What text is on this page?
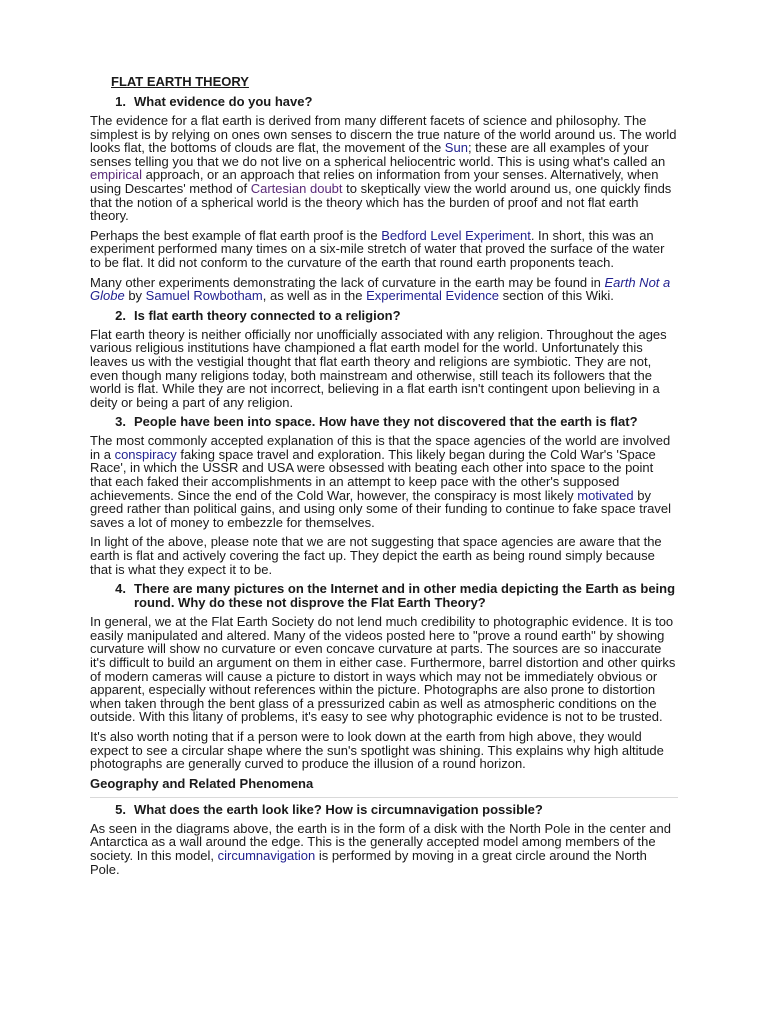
FLAT EARTH THEORY
1. What evidence do you have?

The evidence for a flat earth is derived from many different facets of science and philosophy. The simplest is by relying on ones own senses to discern the true nature of the world around us. The world looks flat, the bottoms of clouds are flat, the movement of the Sun; these are all examples of your senses telling you that we do not live on a spherical heliocentric world. This is using what's called an empirical approach, or an approach that relies on information from your senses. Alternatively, when using Descartes' method of Cartesian doubt to skeptically view the world around us, one quickly finds that the notion of a spherical world is the theory which has the burden of proof and not flat earth theory.

Perhaps the best example of flat earth proof is the Bedford Level Experiment. In short, this was an experiment performed many times on a six-mile stretch of water that proved the surface of the water to be flat. It did not conform to the curvature of the earth that round earth proponents teach.

Many other experiments demonstrating the lack of curvature in the earth may be found in Earth Not a Globe by Samuel Rowbotham, as well as in the Experimental Evidence section of this Wiki.

2. Is flat earth theory connected to a religion?

Flat earth theory is neither officially nor unofficially associated with any religion. Throughout the ages various religious institutions have championed a flat earth model for the world. Unfortunately this leaves us with the vestigial thought that flat earth theory and religions are symbiotic. They are not, even though many religions today, both mainstream and otherwise, still teach its followers that the world is flat. While they are not incorrect, believing in a flat earth isn't contingent upon believing in a deity or being a part of any religion.

3. People have been into space. How have they not discovered that the earth is flat?

The most commonly accepted explanation of this is that the space agencies of the world are involved in a conspiracy faking space travel and exploration. This likely began during the Cold War's 'Space Race', in which the USSR and USA were obsessed with beating each other into space to the point that each faked their accomplishments in an attempt to keep pace with the other's supposed achievements. Since the end of the Cold War, however, the conspiracy is most likely motivated by greed rather than political gains, and using only some of their funding to continue to fake space travel saves a lot of money to embezzle for themselves.

In light of the above, please note that we are not suggesting that space agencies are aware that the earth is flat and actively covering the fact up. They depict the earth as being round simply because that is what they expect it to be.

4. There are many pictures on the Internet and in other media depicting the Earth as being round. Why do these not disprove the Flat Earth Theory?

In general, we at the Flat Earth Society do not lend much credibility to photographic evidence. It is too easily manipulated and altered. Many of the videos posted here to "prove a round earth" by showing curvature will show no curvature or even concave curvature at parts. The sources are so inaccurate it's difficult to build an argument on them in either case. Furthermore, barrel distortion and other quirks of modern cameras will cause a picture to distort in ways which may not be immediately obvious or apparent, especially without references within the picture. Photographs are also prone to distortion when taken through the bent glass of a pressurized cabin as well as atmospheric conditions on the outside. With this litany of problems, it's easy to see why photographic evidence is not to be trusted.

It's also worth noting that if a person were to look down at the earth from high above, they would expect to see a circular shape where the sun's spotlight was shining. This explains why high altitude photographs are generally curved to produce the illusion of a round horizon.

Geography and Related Phenomena
5. What does the earth look like? How is circumnavigation possible?

As seen in the diagrams above, the earth is in the form of a disk with the North Pole in the center and Antarctica as a wall around the edge. This is the generally accepted model among members of the society. In this model, circumnavigation is performed by moving in a great circle around the North Pole.
